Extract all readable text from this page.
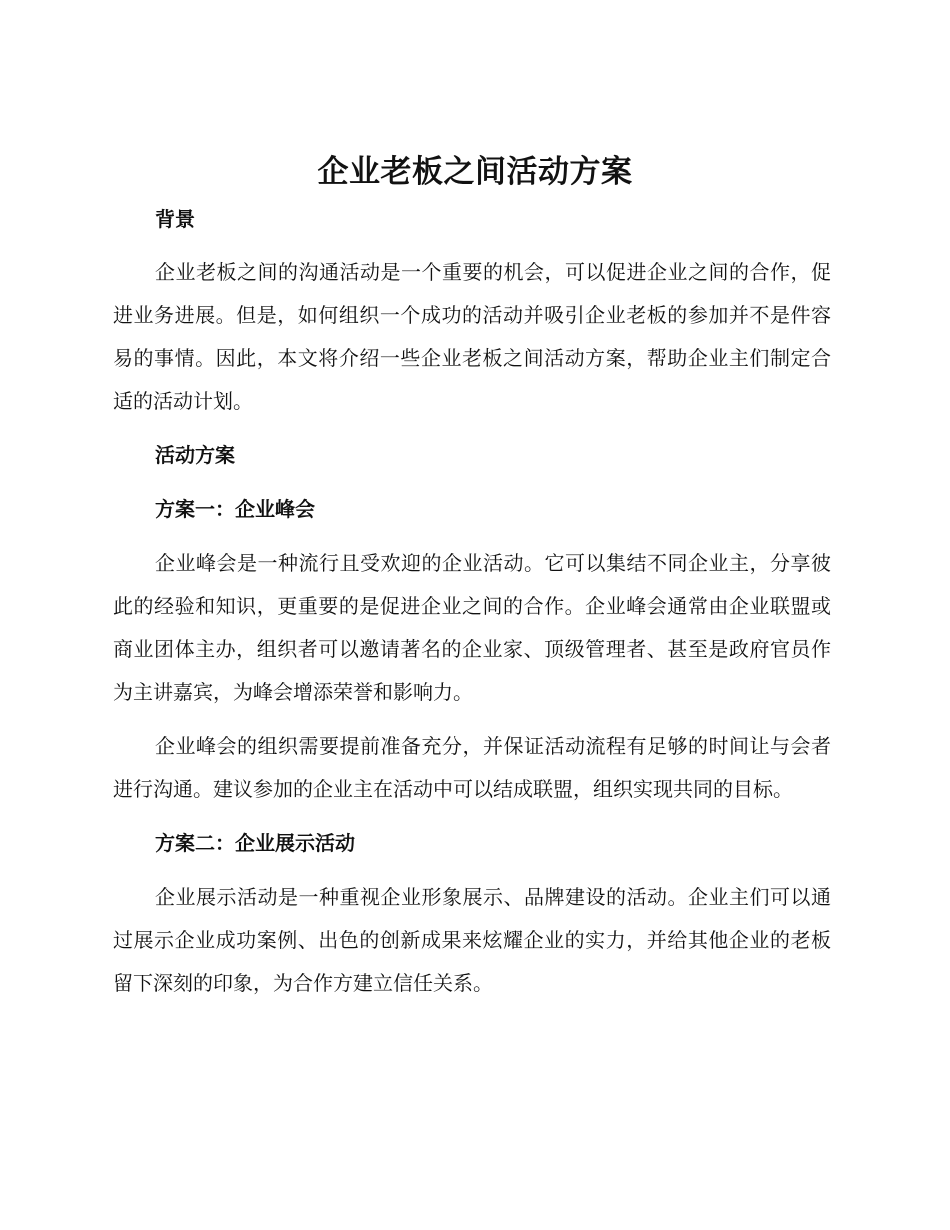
企业老板之间活动方案

背景

企业老板之间的沟通活动是一个重要的机会，可以促进企业之间的合作，促进业务进展。但是，如何组织一个成功的活动并吸引企业老板的参加并不是件容易的事情。因此，本文将介绍一些企业老板之间活动方案，帮助企业主们制定合适的活动计划。

活动方案

方案一：企业峰会

企业峰会是一种流行且受欢迎的企业活动。它可以集结不同企业主，分享彼此的经验和知识，更重要的是促进企业之间的合作。企业峰会通常由企业联盟或商业团体主办，组织者可以邀请著名的企业家、顶级管理者、甚至是政府官员作为主讲嘉宾，为峰会增添荣誉和影响力。

企业峰会的组织需要提前准备充分，并保证活动流程有足够的时间让与会者进行沟通。建议参加的企业主在活动中可以结成联盟，组织实现共同的目标。

方案二：企业展示活动

企业展示活动是一种重视企业形象展示、品牌建设的活动。企业主们可以通过展示企业成功案例、出色的创新成果来炫耀企业的实力，并给其他企业的老板留下深刻的印象，为合作方建立信任关系。
